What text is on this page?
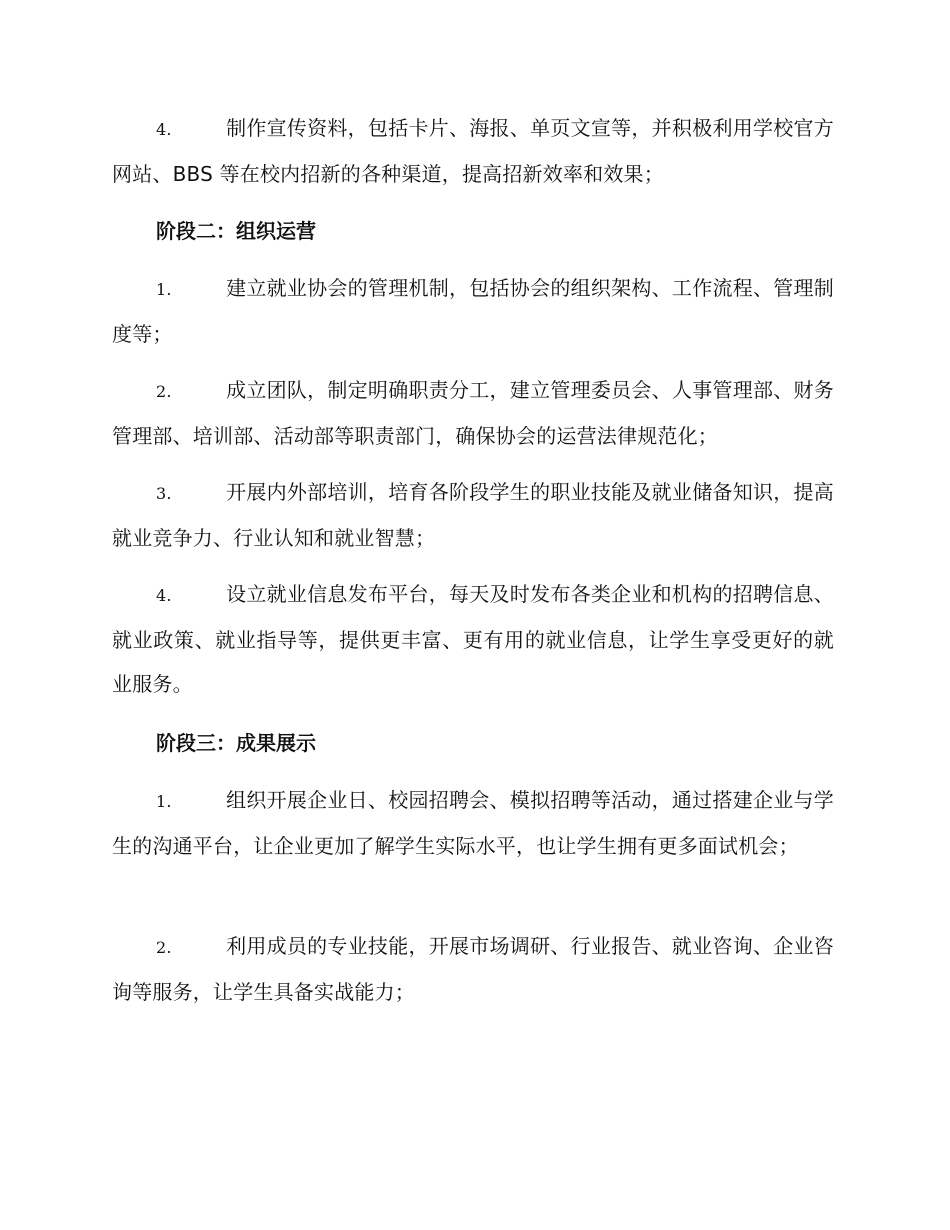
4.	制作宣传资料，包括卡片、海报、单页文宣等，并积极利用学校官方网站、BBS 等在校内招新的各种渠道，提高招新效率和效果；

阶段二：组织运营

1.	建立就业协会的管理机制，包括协会的组织架构、工作流程、管理制度等；

2.	成立团队，制定明确职责分工，建立管理委员会、人事管理部、财务管理部、培训部、活动部等职责部门，确保协会的运营法律规范化；

3.	开展内外部培训，培育各阶段学生的职业技能及就业储备知识，提高就业竞争力、行业认知和就业智慧；

4.	设立就业信息发布平台，每天及时发布各类企业和机构的招聘信息、就业政策、就业指导等，提供更丰富、更有用的就业信息，让学生享受更好的就业服务。

阶段三：成果展示

1.	组织开展企业日、校园招聘会、模拟招聘等活动，通过搭建企业与学生的沟通平台，让企业更加了解学生实际水平，也让学生拥有更多面试机会；

2.	利用成员的专业技能，开展市场调研、行业报告、就业咨询、企业咨询等服务，让学生具备实战能力；
